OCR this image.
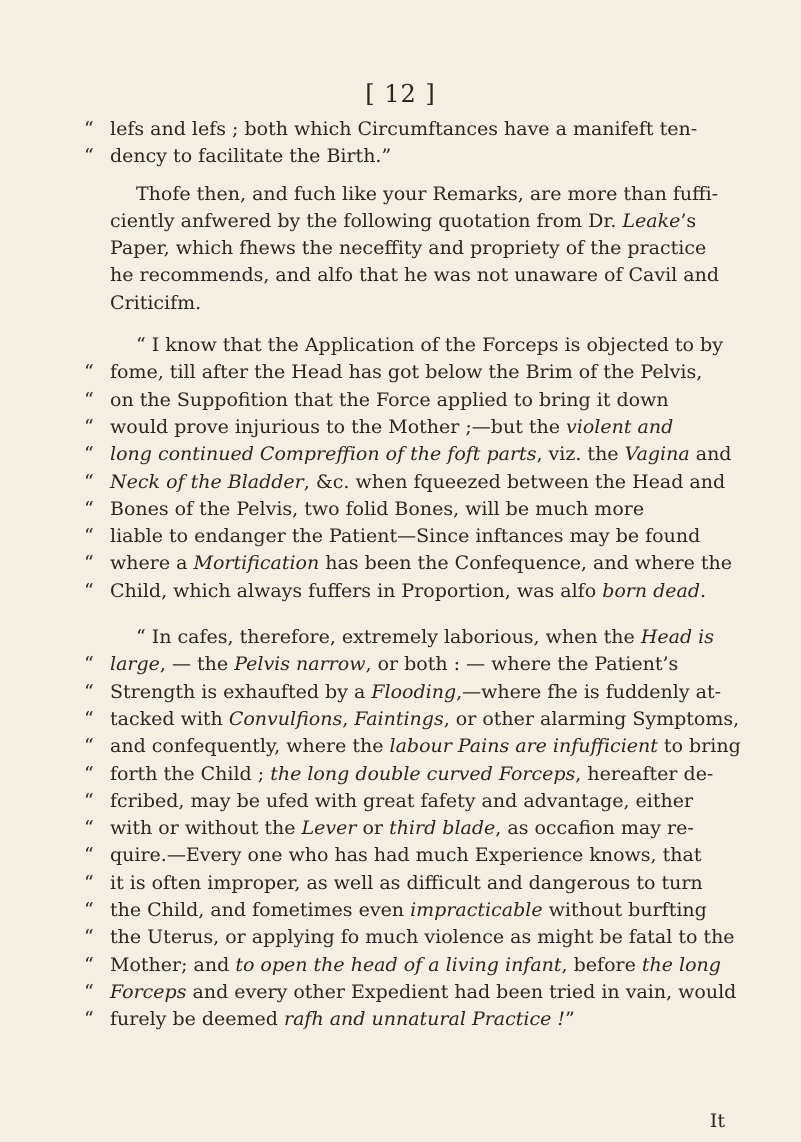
[ 12 ]
“ lefs and lefs ; both which Circumftances have a manifeft ten-
“ dency to facilitate the Birth.”
Thofe then, and fuch like your Remarks, are more than fuffi-
ciently anfwered by the following quotation from Dr. Leake’s
Paper, which fhews the neceffity and propriety of the practice
he recommends, and alfo that he was not unaware of Cavil and
Criticifm.
“ I know that the Application of the Forceps is objected to by
“ fome, till after the Head has got below the Brim of the Pelvis,
“ on the Suppofition that the Force applied to bring it down
“ would prove injurious to the Mother ;—but the violent and
“ long continued Compreffion of the foft parts, viz. the Vagina and
“ Neck of the Bladder, &c. when fqueezed between the Head and
“ Bones of the Pelvis, two folid Bones, will be much more
“ liable to endanger the Patient—Since inftances may be found
“ where a Mortification has been the Confequence, and where the
“ Child, which always fuffers in Proportion, was alfo born dead.
“ In cafes, therefore, extremely laborious, when the Head is
“ large, — the Pelvis narrow, or both : — where the Patient’s
“ Strength is exhaufted by a Flooding,—where fhe is fuddenly at-
“ tacked with Convulfions, Faintings, or other alarming Symptoms,
“ and confequently, where the labour Pains are infufficient to bring
“ forth the Child ; the long double curved Forceps, hereafter de-
“ fcribed, may be ufed with great fafety and advantage, either
“ with or without the Lever or third blade, as occafion may re-
“ quire.—Every one who has had much Experience knows, that
“ it is often improper, as well as difficult and dangerous to turn
“ the Child, and fometimes even impracticable without burfting
“ the Uterus, or applying fo much violence as might be fatal to the
“ Mother; and to open the head of a living infant, before the long
“ Forceps and every other Expedient had been tried in vain, would
“ furely be deemed rafh and unnatural Practice !”
It
